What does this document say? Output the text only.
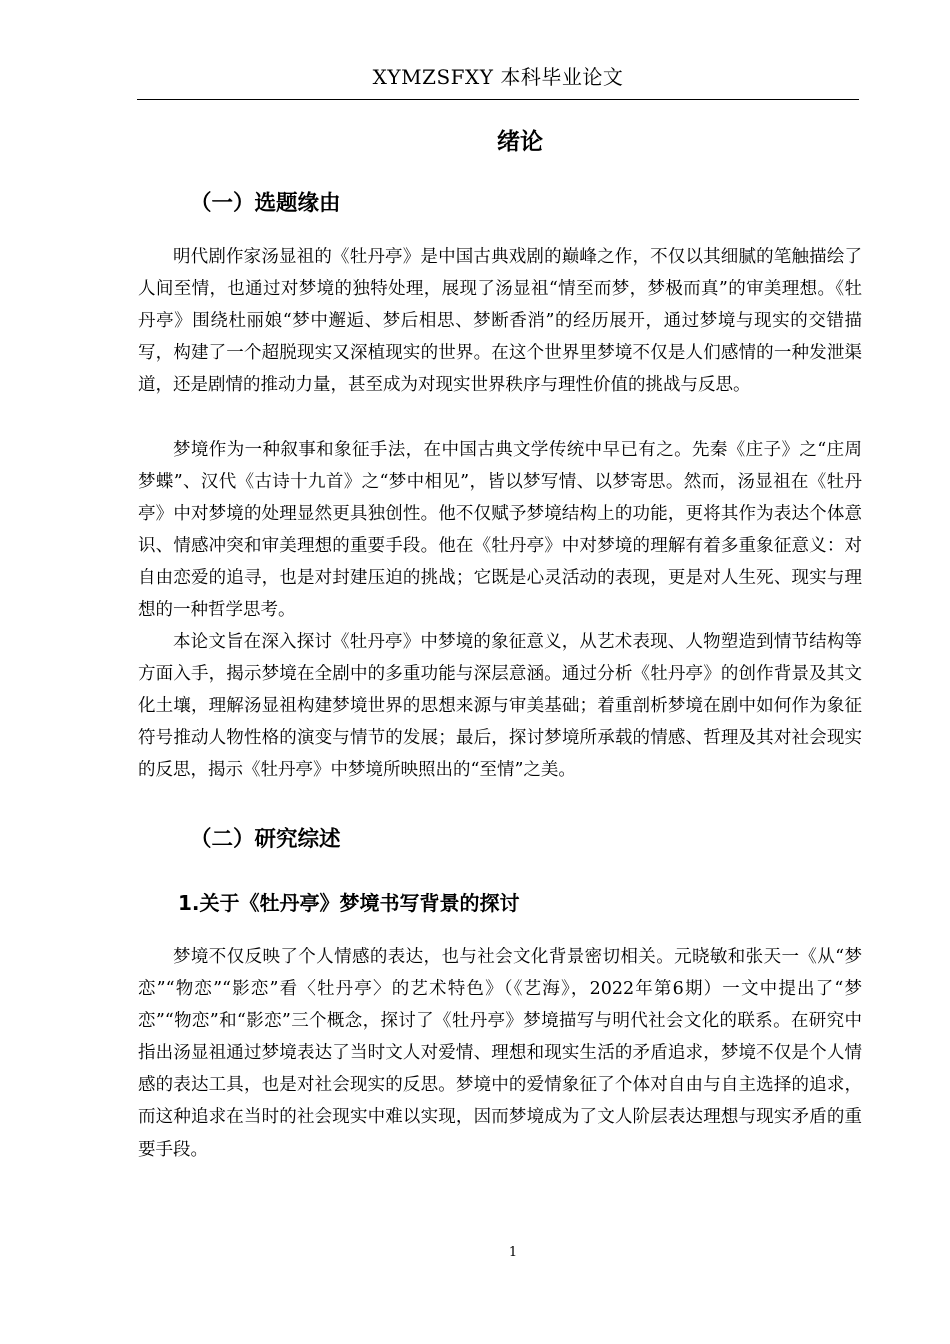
XYMZSFXY 本科毕业论文
绪论
（一）选题缘由

明代剧作家汤显祖的《牡丹亭》是中国古典戏剧的巅峰之作，不仅以其细腻的笔触描绘了人间至情，也通过对梦境的独特处理，展现了汤显祖“情至而梦，梦极而真”的审美理想。《牡丹亭》围绕杜丽娘“梦中邂逅、梦后相思、梦断香消”的经历展开，通过梦境与现实的交错描写，构建了一个超脱现实又深植现实的世界。在这个世界里梦境不仅是人们感情的一种发泄渠道，还是剧情的推动力量，甚至成为对现实世界秩序与理性价值的挑战与反思。

梦境作为一种叙事和象征手法，在中国古典文学传统中早已有之。先秦《庄子》之“庄周梦蝶”、汉代《古诗十九首》之“梦中相见”，皆以梦写情、以梦寄思。然而，汤显祖在《牡丹亭》中对梦境的处理显然更具独创性。他不仅赋予梦境结构上的功能，更将其作为表达个体意识、情感冲突和审美理想的重要手段。他在《牡丹亭》中对梦境的理解有着多重象征意义：对自由恋爱的追寻，也是对封建压迫的挑战；它既是心灵活动的表现，更是对人生死、现实与理想的一种哲学思考。

本论文旨在深入探讨《牡丹亭》中梦境的象征意义，从艺术表现、人物塑造到情节结构等方面入手，揭示梦境在全剧中的多重功能与深层意涵。通过分析《牡丹亭》的创作背景及其文化土壤，理解汤显祖构建梦境世界的思想来源与审美基础；着重剖析梦境在剧中如何作为象征符号推动人物性格的演变与情节的发展；最后，探讨梦境所承载的情感、哲理及其对社会现实的反思，揭示《牡丹亭》中梦境所映照出的“至情”之美。

（二）研究综述
1.关于《牡丹亭》梦境书写背景的探讨

梦境不仅反映了个人情感的表达，也与社会文化背景密切相关。元晓敏和张天一《从“梦恋”“物恋”“影恋”看〈牡丹亭〉的艺术特色》（《艺海》，2022年第6期）一文中提出了“梦恋”“物恋”和“影恋”三个概念，探讨了《牡丹亭》梦境描写与明代社会文化的联系。在研究中指出汤显祖通过梦境表达了当时文人对爱情、理想和现实生活的矛盾追求，梦境不仅是个人情感的表达工具，也是对社会现实的反思。梦境中的爱情象征了个体对自由与自主选择的追求，而这种追求在当时的社会现实中难以实现，因而梦境成为了文人阶层表达理想与现实矛盾的重要手段。

1
